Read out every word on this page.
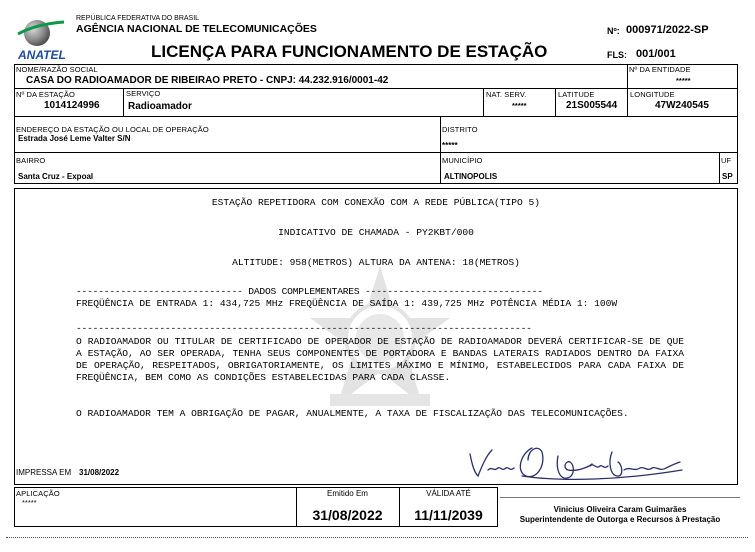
ANATEL
REPÚBLICA FEDERATIVA DO BRASIL
AGÊNCIA NACIONAL DE TELECOMUNICAÇÕES
LICENÇA PARA FUNCIONAMENTO DE ESTAÇÃO
Nº: 000971/2022-SP
FLS: 001/001
NOME/RAZÃO SOCIAL
CASA DO RADIOAMADOR DE RIBEIRAO PRETO - CNPJ: 44.232.916/0001-42
Nº DA ENTIDADE
*****
Nº DA ESTAÇÃO
1014124996
SERVIÇO
Radioamador
NAT. SERV.
*****
LATITUDE
21S005544
LONGITUDE
47W240545
ENDEREÇO DA ESTAÇÃO OU LOCAL DE OPERAÇÃO
Estrada José Leme Valter S/N
DISTRITO
*****
BAIRRO
Santa Cruz - Expoal
MUNICÍPIO
ALTINOPOLIS
UF
SP
ESTAÇÃO REPETIDORA COM CONEXÃO COM A REDE PÚBLICA(TIPO 5)
INDICATIVO DE CHAMADA - PY2KBT/000
ALTITUDE: 958(METROS) ALTURA DA ANTENA: 18(METROS)
------------------------------ DADOS COMPLEMENTARES --------------------------------
FREQÜÊNCIA DE ENTRADA 1: 434,725 MHz FREQÜÊNCIA DE SAÍDA 1: 439,725 MHz POTÊNCIA MÉDIA 1: 100W
----------------------------------------------------------------------------------
O RADIOAMADOR OU TITULAR DE CERTIFICADO DE OPERADOR DE ESTAÇÃO DE RADIOAMADOR DEVERÁ CERTIFICAR-SE DE QUE A ESTAÇÃO, AO SER OPERADA, TENHA SEUS COMPONENTES DE PORTADORA E BANDAS LATERAIS RADIADOS DENTRO DA FAIXA DE OPERAÇÃO, RESPEITADOS, OBRIGATORIAMENTE, OS LIMITES MÁXIMO E MÍNIMO, ESTABELECIDOS PARA CADA FAIXA DE FREQÜÊNCIA, BEM COMO AS CONDIÇÕES ESTABELECIDAS PARA CADA CLASSE.
O RADIOAMADOR TEM A OBRIGAÇÃO DE PAGAR, ANUALMENTE, A TAXA DE FISCALIZAÇÃO DAS TELECOMUNICAÇÕES.
IMPRESSA EM 31/08/2022
APLICAÇÃO
*****
Emitido Em
31/08/2022
VÁLIDA ATÉ
11/11/2039	Vinicius Oliveira Caram Guimarães
Superintendente de Outorga e Recursos à Prestação
